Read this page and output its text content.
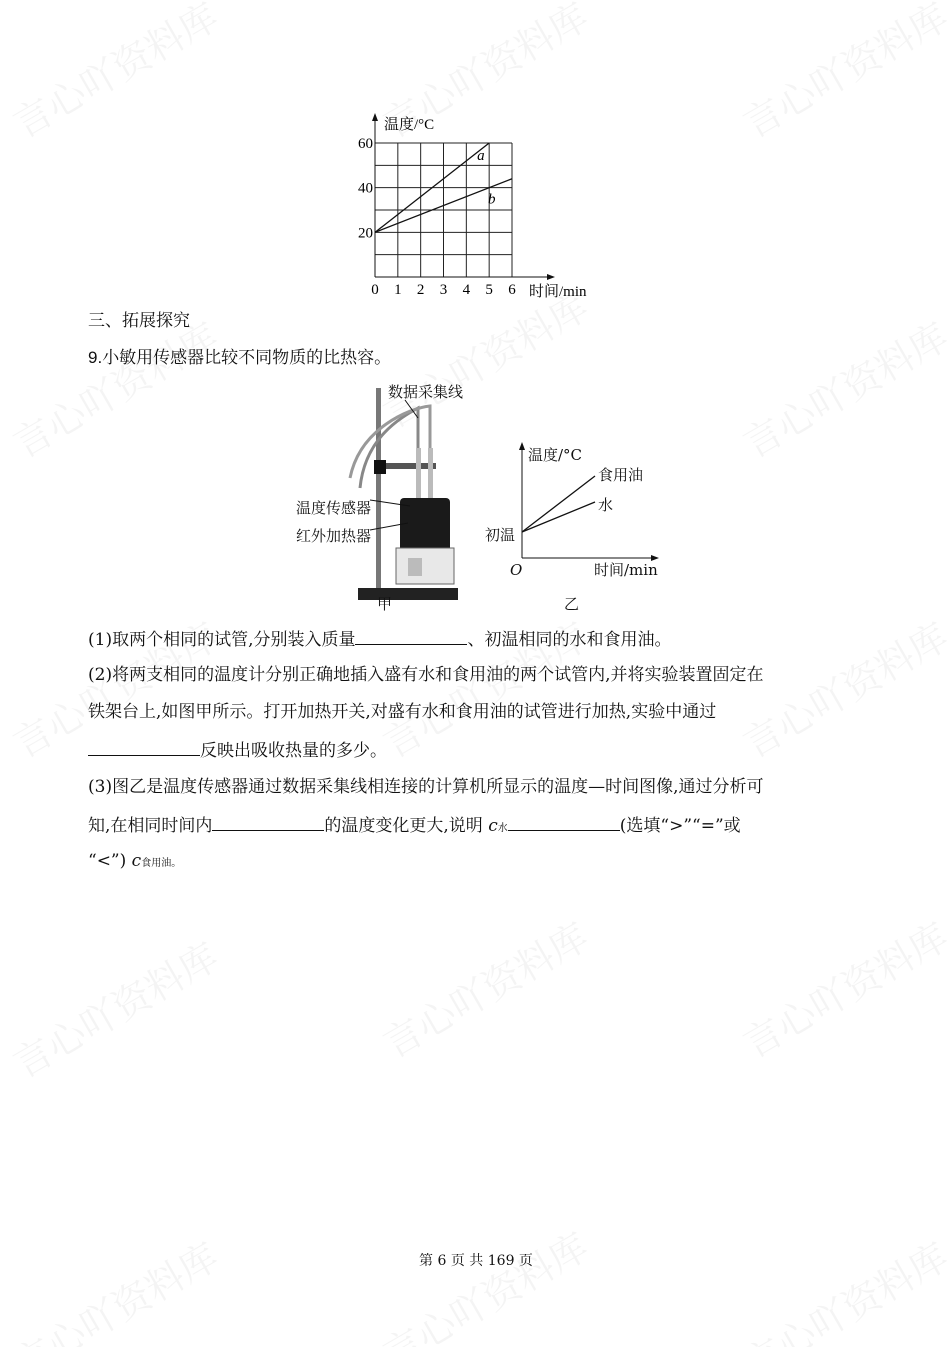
a
b
0 1 2 3 4 5 6
20
40
60
温度/°C
时间/min
三、拓展探究
9.小敏用传感器比较不同物质的比热容。
数据采集线
温度传感器
红外加热器
甲
温度/°C
食用油
水
初温
O	时间/min
乙
(1)取两个相同的试管,分别装入质量	、初温相同的水和食用油。
(2)将两支相同的温度计分别正确地插入盛有水和食用油的两个试管内,并将实验装置固定在
铁架台上,如图甲所示。打开加热开关,对盛有水和食用油的试管进行加热,实验中通过
反映出吸收热量的多少。
(3)图乙是温度传感器通过数据采集线相连接的计算机所显示的温度—时间图像,通过分析可
知,在相同时间内	的温度变化更大,说明 c水	(选填“>”“=”或
“<”) c食用油。
第 6 页 共 169 页
